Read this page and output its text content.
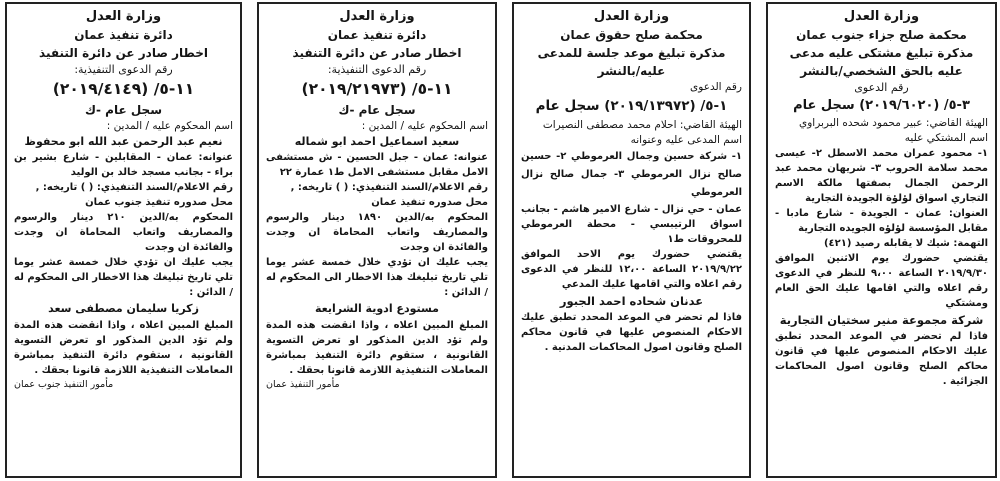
وزارة العدل

محكمة صلح جزاء جنوب عمان

مذكرة تبليغ مشتكى عليه مدعى عليه بالحق الشخصي/بالنشر

رقم الدعوى

٣-٥/ (٢٠١٩/٦٠٢٠) سجل عام

الهيئة القاضي: عبير محمود شحده البربراوي

اسم المشتكي عليه

١- محمود عمران محمد الاسطل ٢- عيسى محمد سلامة الحروب ٣- شريهان محمد عبد الرحمن الجمال بصفتها مالكة الاسم التجاري اسواق لؤلؤة الجويدة التجارية

العنوان: عمان - الجويدة - شارع مادبا - مقابل المؤسسة لؤلؤه الجويده التجارية

التهمة: شيك لا يقابله رصيد (٤٢١)

يقتضي حضورك يوم الاثنين الموافق ٢٠١٩/٩/٣٠ الساعة ٩،٠٠ للنظر في الدعوى رقم اعلاه والتي اقامها عليك الحق العام ومشتكي

شركة مجموعة منير سختيان التجارية

فاذا لم تحضر في الموعد المحدد تطبق عليك الاحكام المنصوص عليها في قانون محاكم الصلح وقانون اصول المحاكمات الجزائية .

وزارة العدل

محكمة صلح حقوق عمان

مذكرة تبليغ موعد جلسة للمدعى عليه/بالنشر

رقم الدعوى

١-٥/ (٢٠١٩/١٣٩٧٢) سجل عام

الهيئة القاضي: احلام محمد مصطفى النصيرات

اسم المدعى عليه وعنوانه

١- شركة حسين وجمال العرموطي ٢- حسين صالح نزال العرموطي ٣- جمال صالح نزال العرموطي

عمان - حي نزال - شارع الامير هاشم - بجانب اسواق الرتيبسي - محطة العرموطي للمحروقات ط١

يقتضي حضورك يوم الاحد الموافق ٢٠١٩/٩/٢٢ الساعة ١٢،٠٠ للنظر في الدعوى رقم اعلاه والتي اقامها عليك المدعي

عدنان شحاده احمد الجبور

فاذا لم تحضر في الموعد المحدد تطبق عليك الاحكام المنصوص عليها في قانون محاكم الصلح وقانون اصول المحاكمات المدنية .

وزارة العدل

دائرة تنفيذ عمان

اخطار صادر عن دائرة التنفيذ

رقم الدعوى التنفيذية:

١١-٥/ (٢٠١٩/٢١٩٧٣)

سجل عام -ك

اسم المحكوم عليه / المدين :

سعيد اسماعيل احمد ابو شماله

عنوانه: عمان - جبل الحسين - ش مستشفى الامل مقابل مستشفى الامل ط١ عمارة ٢٢

رقم الاعلام/السند التنفيذي: ( ) تاريخه: ,

محل صدوره تنفيذ عمان

المحكوم به/الدين ١٨٩٠ دينار والرسوم والمصاريف واتعاب المحاماة ان وجدت والفائدة ان وجدت

يجب عليك ان تؤدي خلال خمسة عشر يوما تلي تاريخ تبليغك هذا الاخطار الى المحكوم له / الدائن :

مستودع ادوية الشرايعة

المبلغ المبين اعلاه ، واذا انقضت هذه المدة ولم تؤد الدين المذكور او تعرض التسوية القانونية ، ستقوم دائرة التنفيذ بمباشرة المعاملات التنفيذية اللازمة قانونا بحقك .

مأمور التنفيذ عمان

وزارة العدل

دائرة تنفيذ عمان

اخطار صادر عن دائرة التنفيذ

رقم الدعوى التنفيذية:

١١-٥/ (٢٠١٩/٤١٤٩)

سجل عام -ك

اسم المحكوم عليه / المدين :

نعيم عبد الرحمن عبد الله ابو محفوظ

عنوانه: عمان - المقابلين - شارع بشير بن براء - بجانب مسجد خالد بن الوليد

رقم الاعلام/السند التنفيذي: ( ) تاريخه: ,

محل صدوره تنفيذ جنوب عمان

المحكوم به/الدين ٢١٠ دينار والرسوم والمصاريف واتعاب المحاماة ان وجدت والفائدة ان وجدت

يجب عليك ان تؤدي خلال خمسة عشر يوما تلي تاريخ تبليغك هذا الاخطار الى المحكوم له / الدائن :

زكريا سليمان مصطفى سعد

المبلغ المبين اعلاه ، واذا انقضت هذه المدة ولم تؤد الدين المذكور او تعرض التسوية القانونية ، ستقوم دائرة التنفيذ بمباشرة المعاملات التنفيذية اللازمة قانونا بحقك .

مأمور التنفيذ جنوب عمان
